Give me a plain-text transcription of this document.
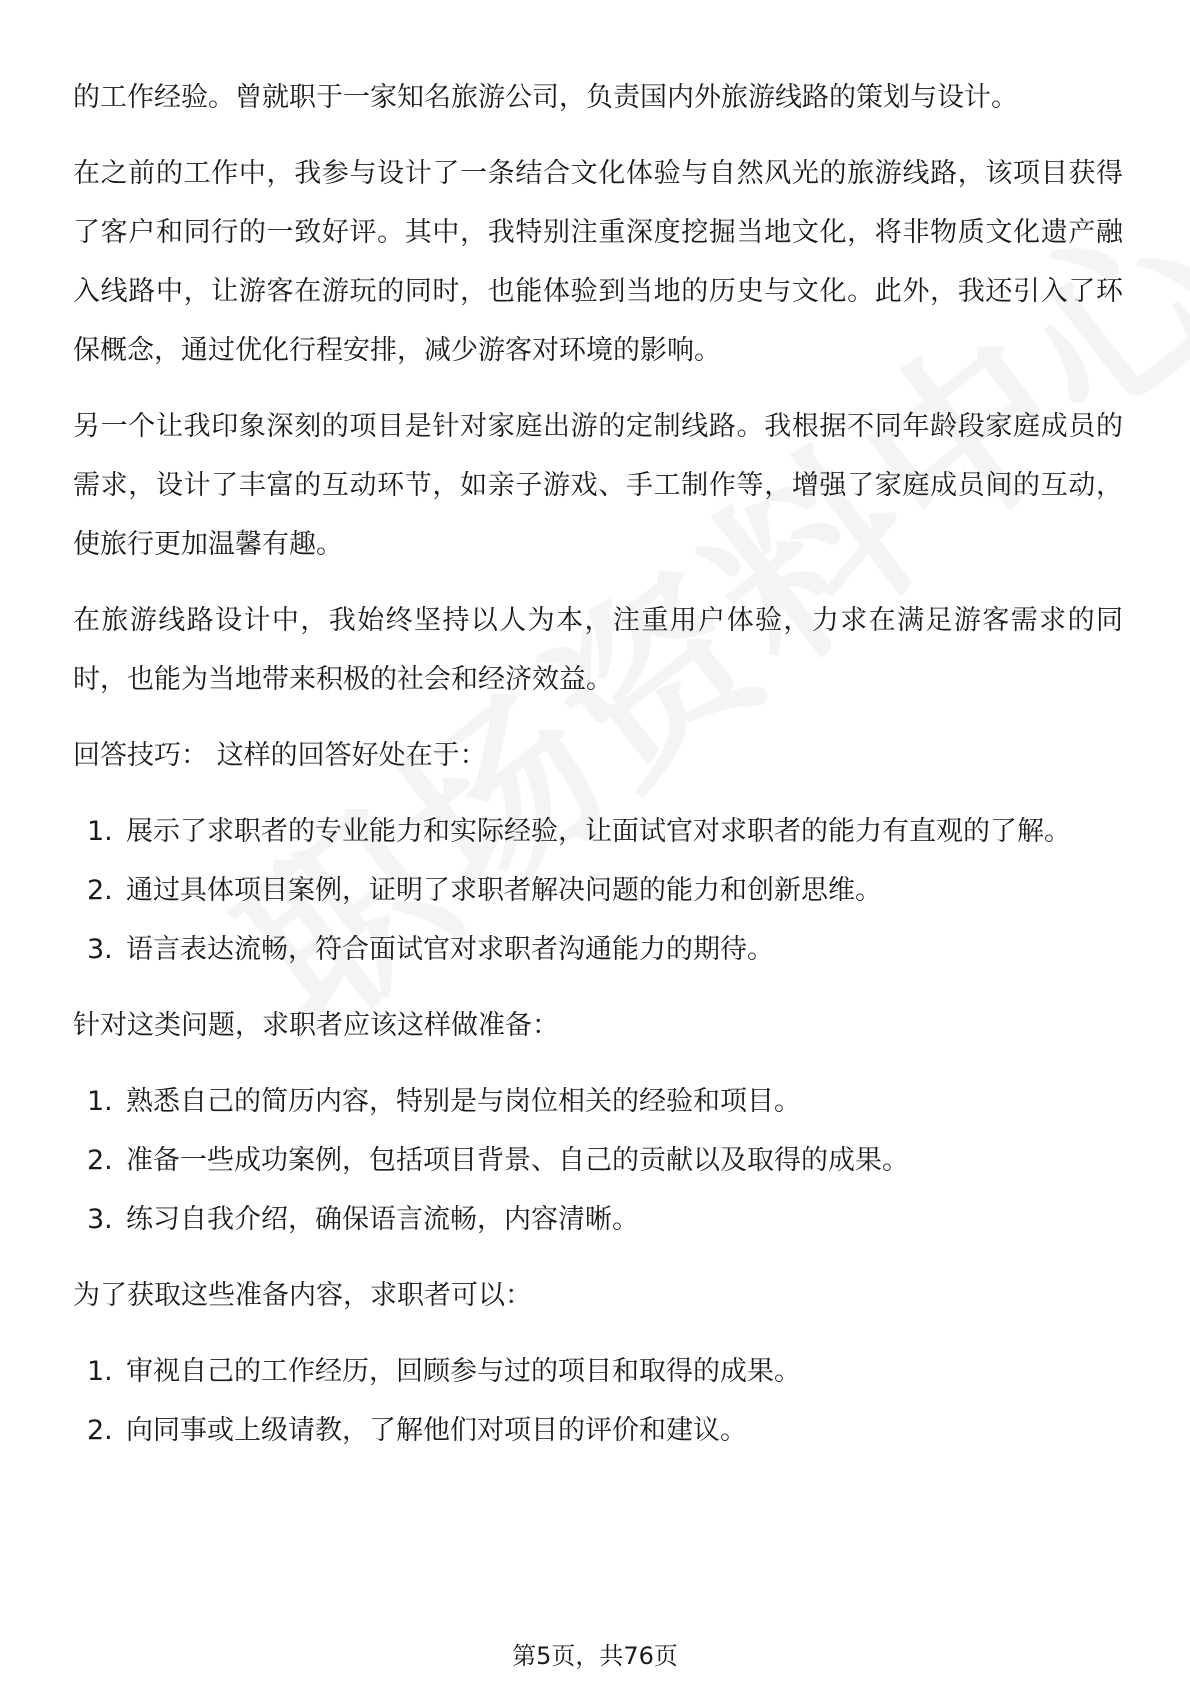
的工作经验。曾就职于一家知名旅游公司，负责国内外旅游线路的策划与设计。

在之前的工作中，我参与设计了一条结合文化体验与自然风光的旅游线路，该项目获得了客户和同行的一致好评。其中，我特别注重深度挖掘当地文化，将非物质文化遗产融入线路中，让游客在游玩的同时，也能体验到当地的历史与文化。此外，我还引入了环保概念，通过优化行程安排，减少游客对环境的影响。

另一个让我印象深刻的项目是针对家庭出游的定制线路。我根据不同年龄段家庭成员的需求，设计了丰富的互动环节，如亲子游戏、手工制作等，增强了家庭成员间的互动，使旅行更加温馨有趣。

在旅游线路设计中，我始终坚持以人为本，注重用户体验，力求在满足游客需求的同时，也能为当地带来积极的社会和经济效益。

回答技巧： 这样的回答好处在于：

1. 展示了求职者的专业能力和实际经验，让面试官对求职者的能力有直观的了解。
2. 通过具体项目案例，证明了求职者解决问题的能力和创新思维。
3. 语言表达流畅，符合面试官对求职者沟通能力的期待。

针对这类问题，求职者应该这样做准备：

1. 熟悉自己的简历内容，特别是与岗位相关的经验和项目。
2. 准备一些成功案例，包括项目背景、自己的贡献以及取得的成果。
3. 练习自我介绍，确保语言流畅，内容清晰。

为了获取这些准备内容，求职者可以：

1. 审视自己的工作经历，回顾参与过的项目和取得的成果。
2. 向同事或上级请教，了解他们对项目的评价和建议。
第5页，共76页
